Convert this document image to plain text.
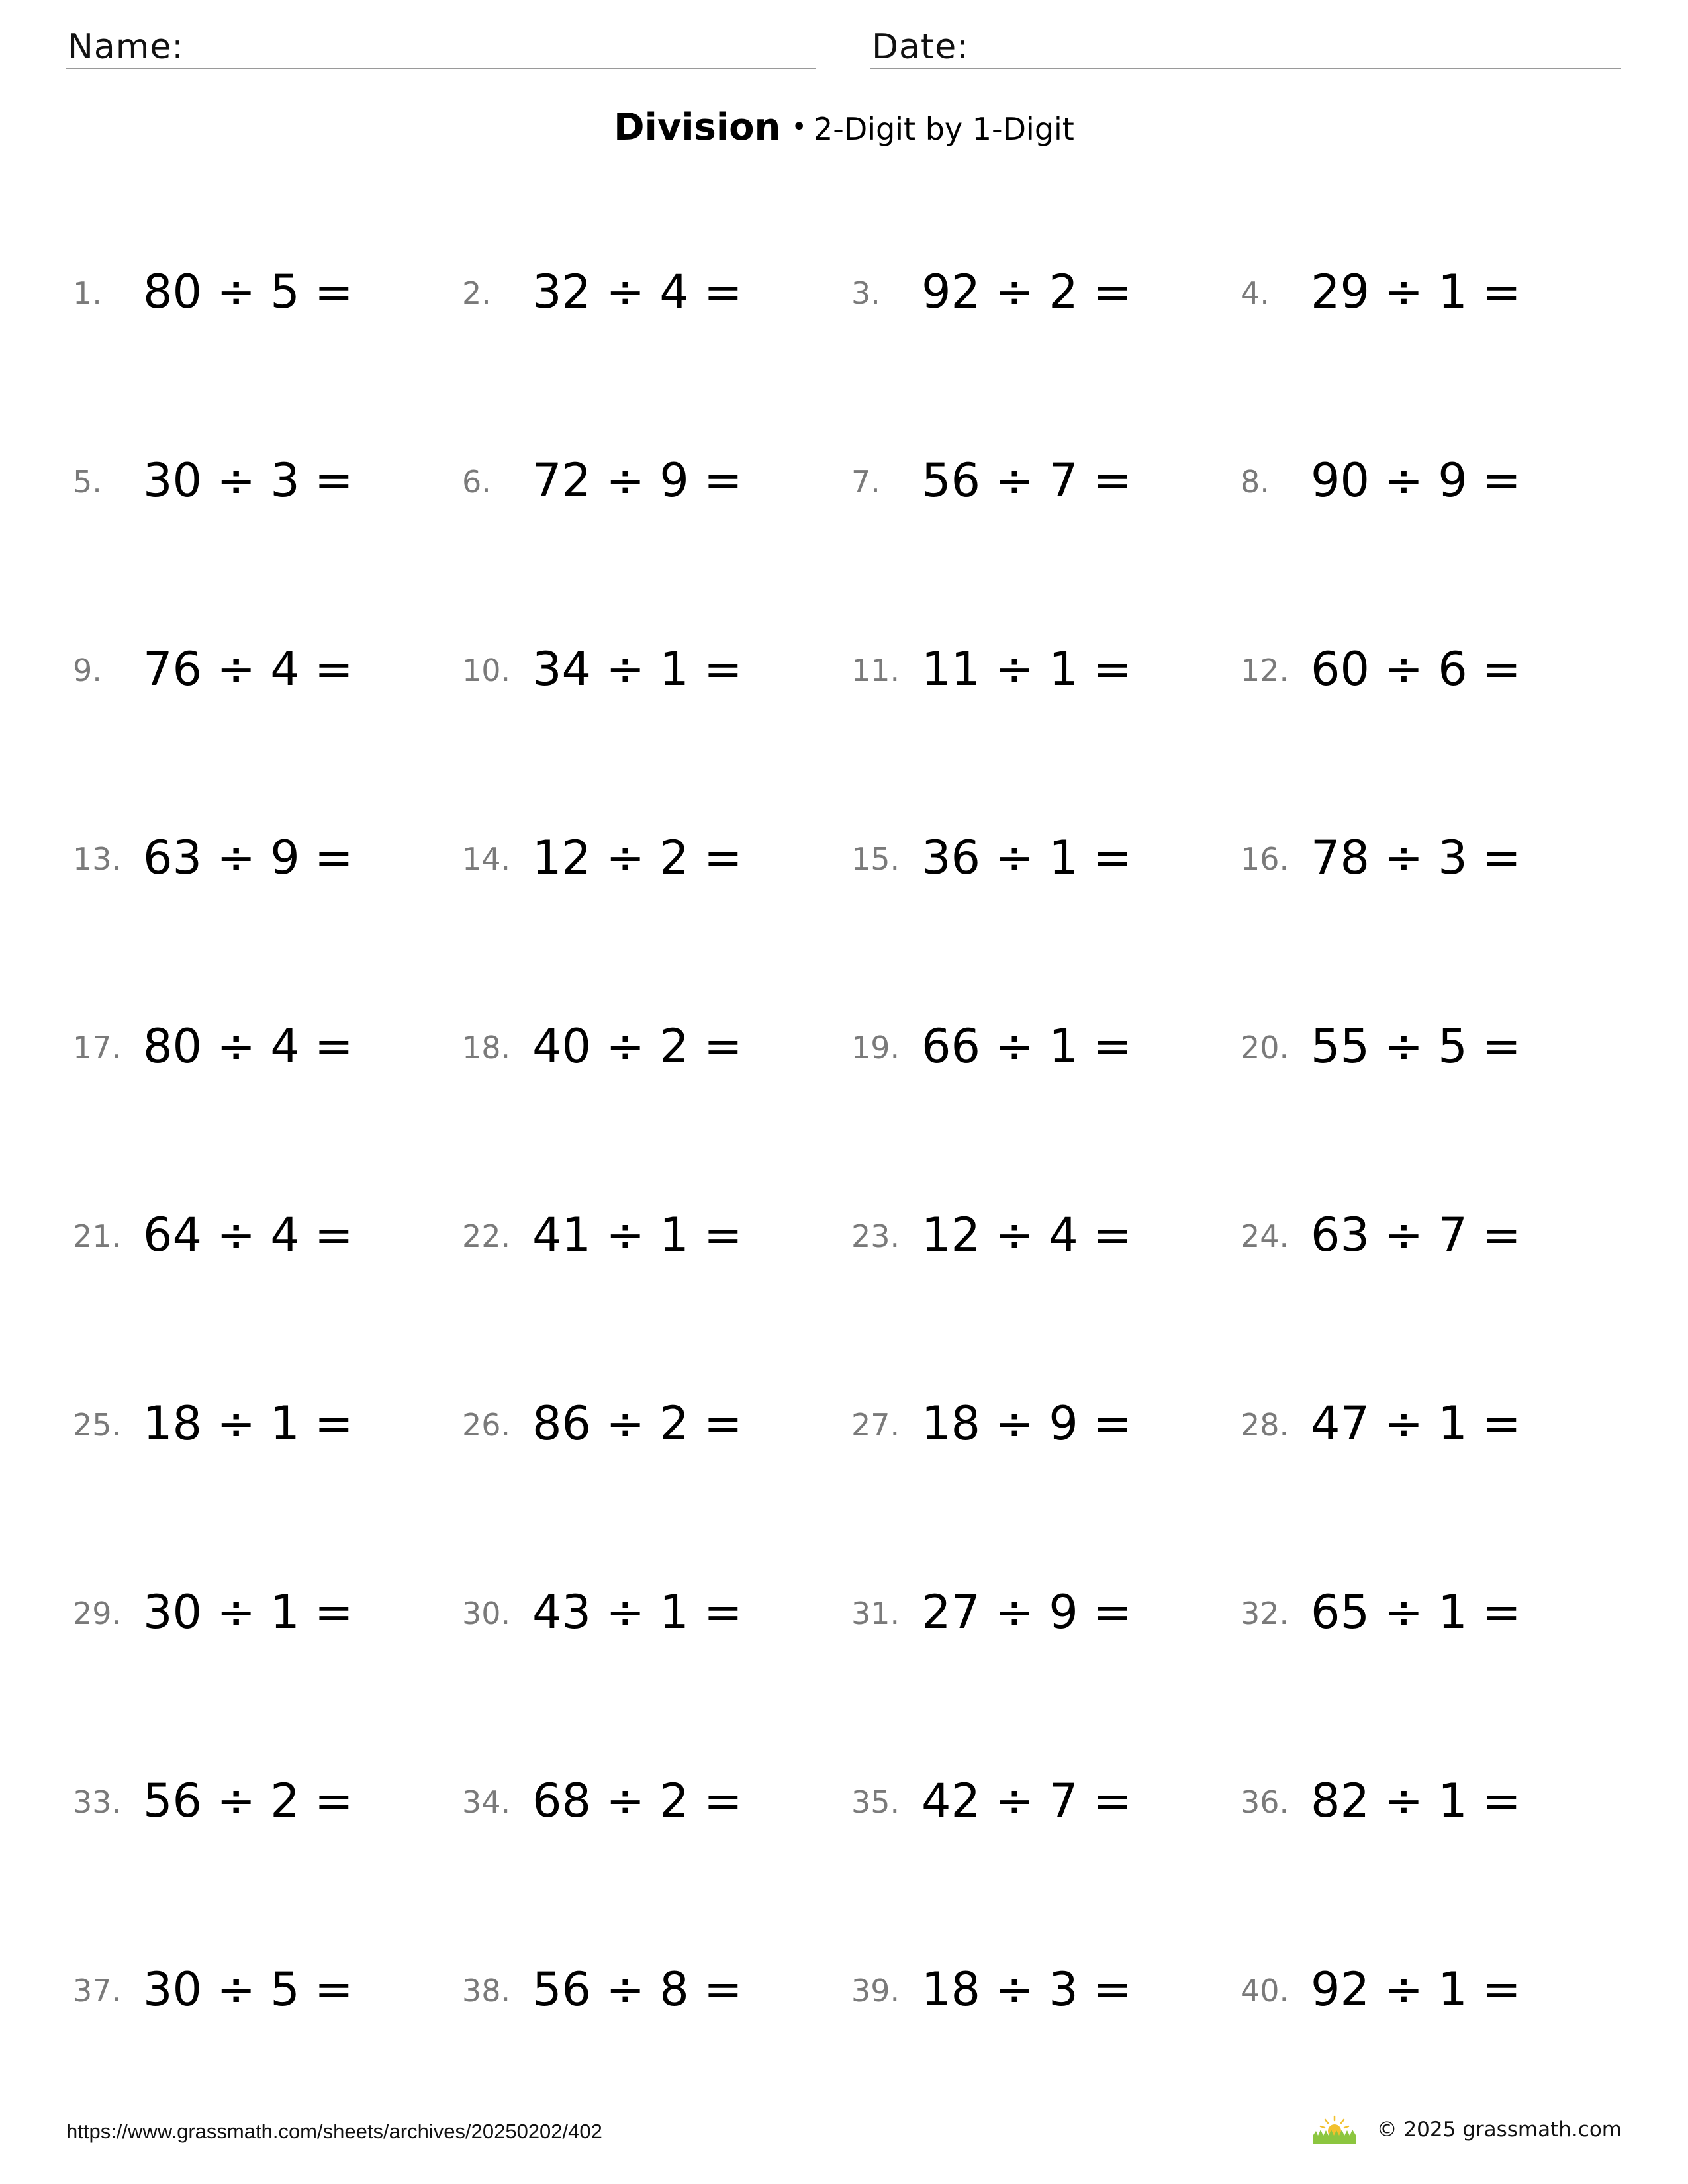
Name:	Date:
Division • 2-Digit by 1-Digit
1. 80 ÷ 5 =	2. 32 ÷ 4 =	3. 92 ÷ 2 =	4. 29 ÷ 1 =
5. 30 ÷ 3 =	6. 72 ÷ 9 =	7. 56 ÷ 7 =	8. 90 ÷ 9 =
9. 76 ÷ 4 =	10. 34 ÷ 1 =	11. 11 ÷ 1 =	12. 60 ÷ 6 =
13. 63 ÷ 9 =	14. 12 ÷ 2 =	15. 36 ÷ 1 =	16. 78 ÷ 3 =
17. 80 ÷ 4 =	18. 40 ÷ 2 =	19. 66 ÷ 1 =	20. 55 ÷ 5 =
21. 64 ÷ 4 =	22. 41 ÷ 1 =	23. 12 ÷ 4 =	24. 63 ÷ 7 =
25. 18 ÷ 1 =	26. 86 ÷ 2 =	27. 18 ÷ 9 =	28. 47 ÷ 1 =
29. 30 ÷ 1 =	30. 43 ÷ 1 =	31. 27 ÷ 9 =	32. 65 ÷ 1 =
33. 56 ÷ 2 =	34. 68 ÷ 2 =	35. 42 ÷ 7 =	36. 82 ÷ 1 =
37. 30 ÷ 5 =	38. 56 ÷ 8 =	39. 18 ÷ 3 =	40. 92 ÷ 1 =
https://www.grassmath.com/sheets/archives/20250202/402	© 2025 grassmath.com
